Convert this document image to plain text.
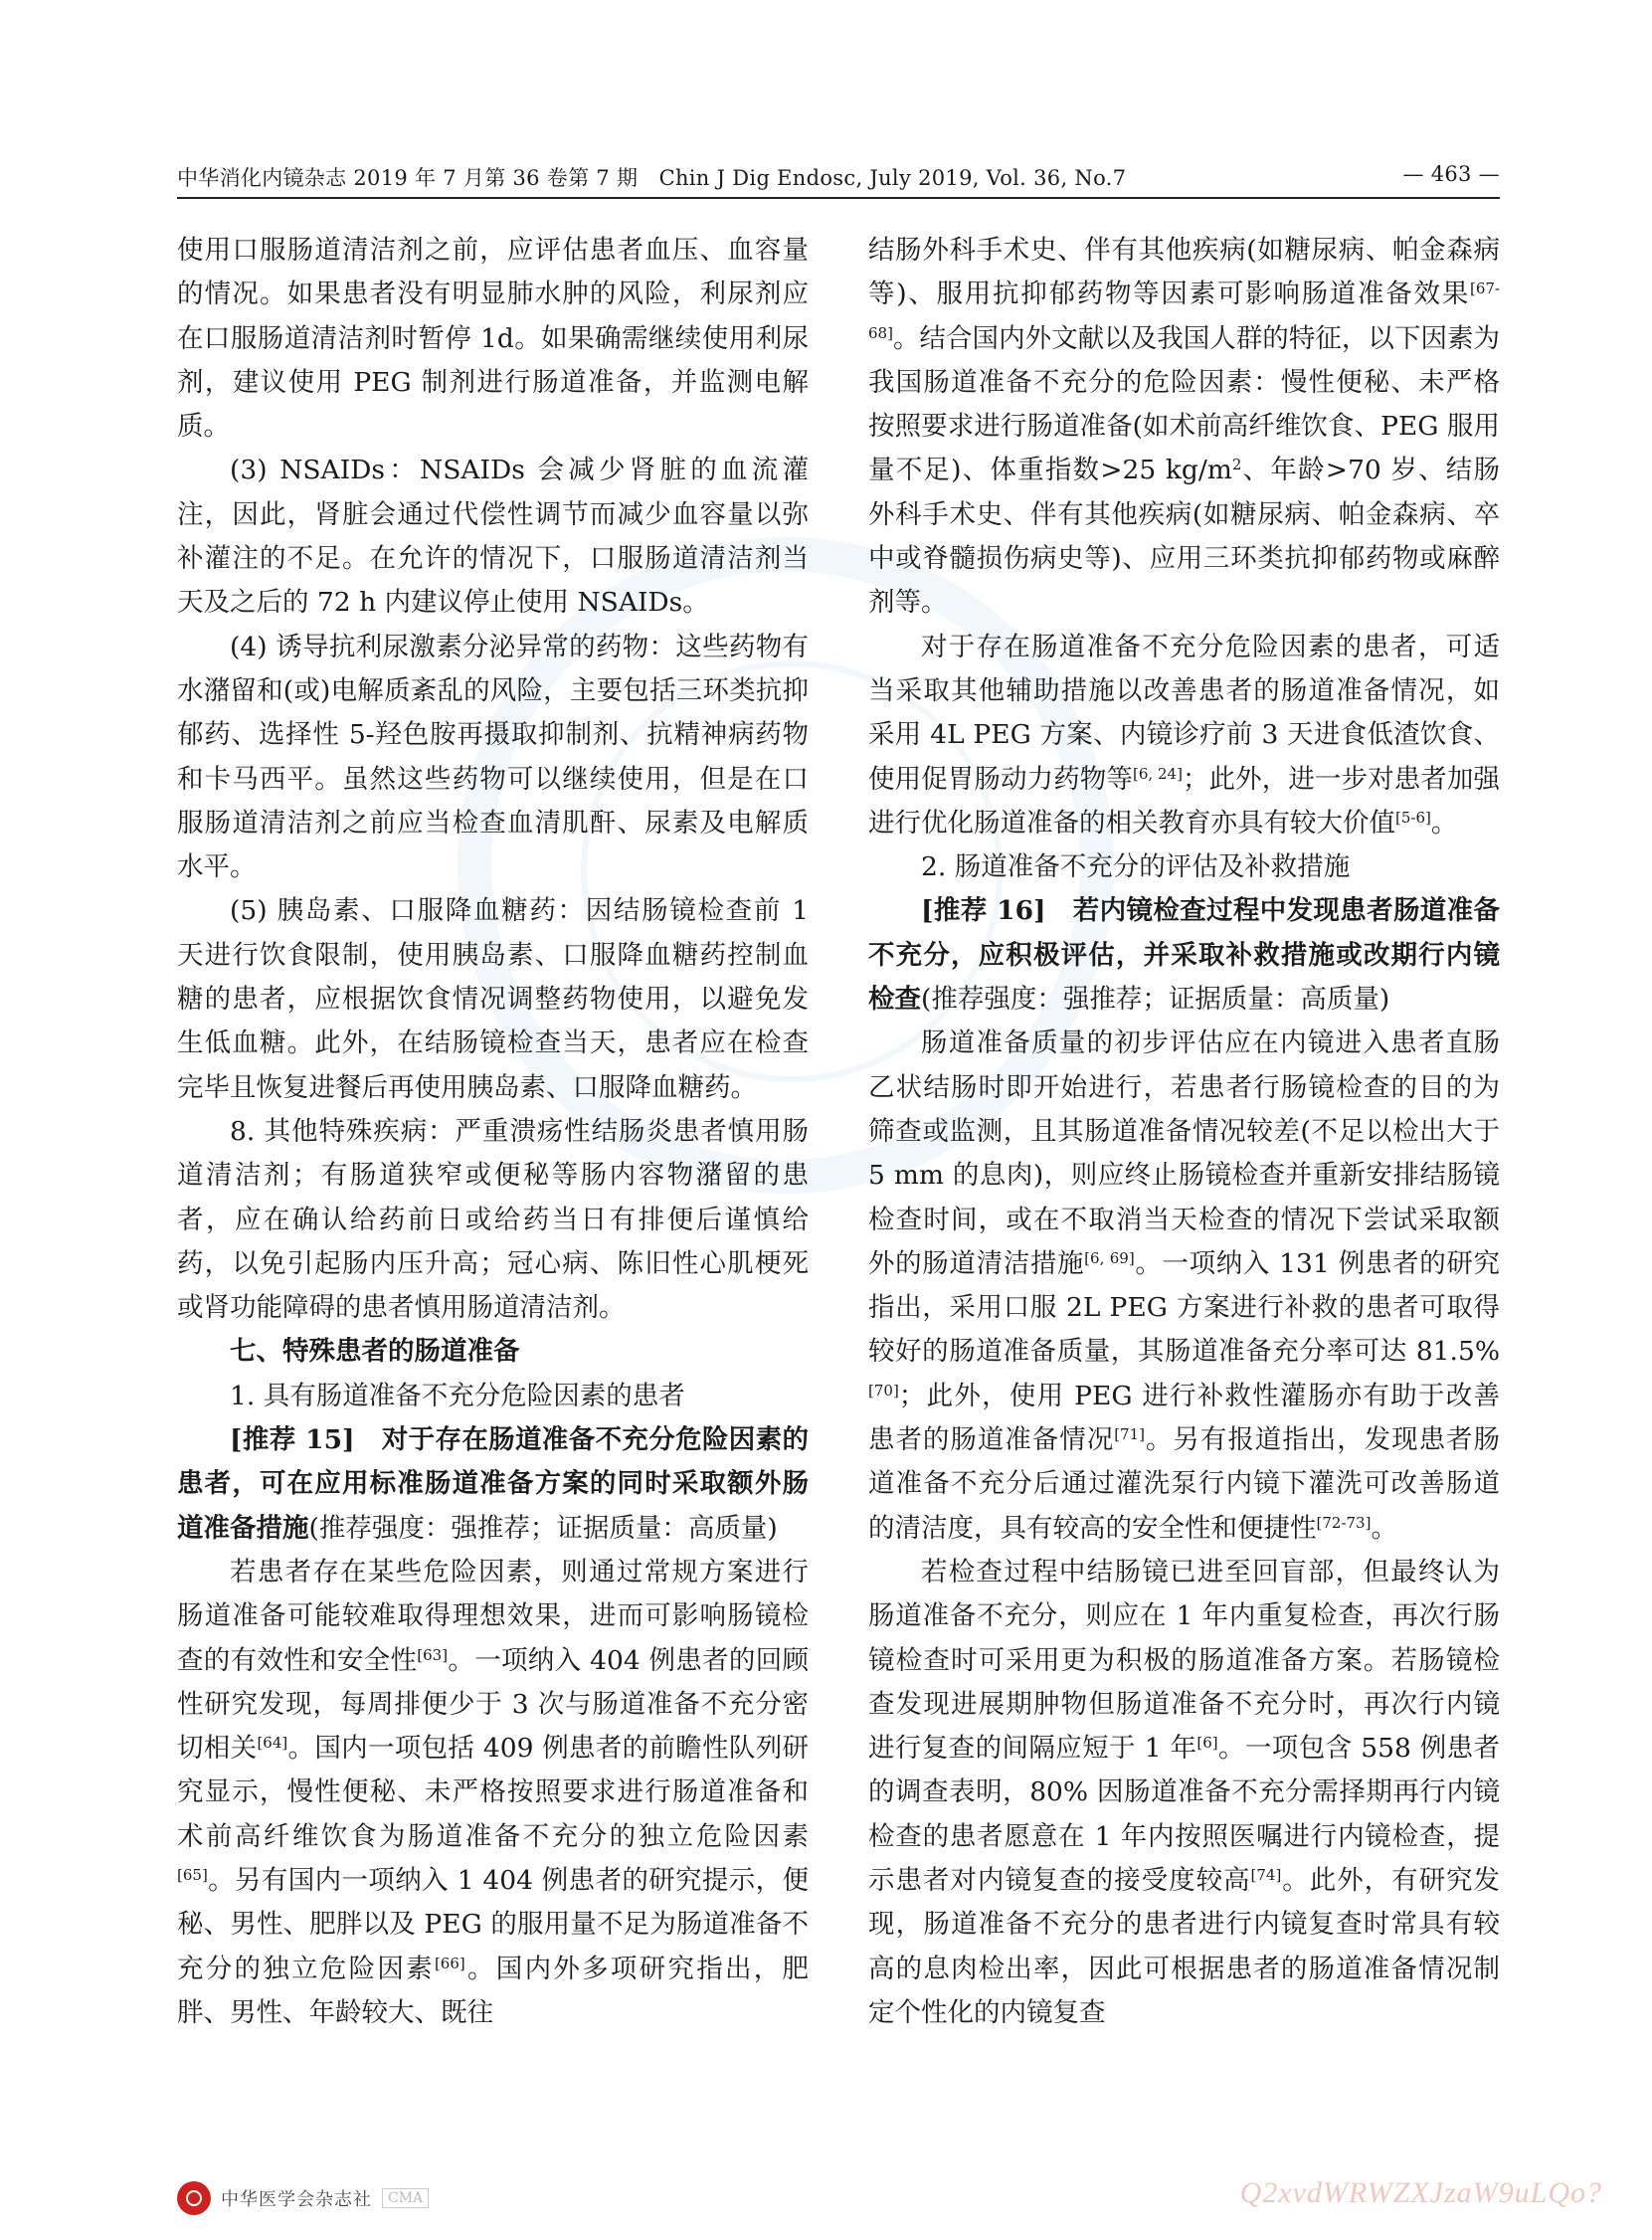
中华消化内镜杂志 2019 年 7 月第 36 卷第 7 期　Chin J Dig Endosc, July 2019, Vol. 36, No.7	— 463 —

使用口服肠道清洁剂之前，应评估患者血压、血容量的情况。如果患者没有明显肺水肿的风险，利尿剂应在口服肠道清洁剂时暂停 1d。如果确需继续使用利尿剂，建议使用 PEG 制剂进行肠道准备，并监测电解质。

(3) NSAIDs：NSAIDs 会减少肾脏的血流灌注，因此，肾脏会通过代偿性调节而减少血容量以弥补灌注的不足。在允许的情况下，口服肠道清洁剂当天及之后的 72 h 内建议停止使用 NSAIDs。

(4) 诱导抗利尿激素分泌异常的药物：这些药物有水潴留和(或)电解质紊乱的风险，主要包括三环类抗抑郁药、选择性 5-羟色胺再摄取抑制剂、抗精神病药物和卡马西平。虽然这些药物可以继续使用，但是在口服肠道清洁剂之前应当检查血清肌酐、尿素及电解质水平。

(5) 胰岛素、口服降血糖药：因结肠镜检查前 1 天进行饮食限制，使用胰岛素、口服降血糖药控制血糖的患者，应根据饮食情况调整药物使用，以避免发生低血糖。此外，在结肠镜检查当天，患者应在检查完毕且恢复进餐后再使用胰岛素、口服降血糖药。

8. 其他特殊疾病：严重溃疡性结肠炎患者慎用肠道清洁剂；有肠道狭窄或便秘等肠内容物潴留的患者，应在确认给药前日或给药当日有排便后谨慎给药，以免引起肠内压升高；冠心病、陈旧性心肌梗死或肾功能障碍的患者慎用肠道清洁剂。

七、特殊患者的肠道准备

1. 具有肠道准备不充分危险因素的患者

[推荐 15]　 对于存在肠道准备不充分危险因素的患者，可在应用标准肠道准备方案的同时采取额外肠道准备措施(推荐强度：强推荐；证据质量：高质量)

若患者存在某些危险因素，则通过常规方案进行肠道准备可能较难取得理想效果，进而可影响肠镜检查的有效性和安全性[63]。一项纳入 404 例患者的回顾性研究发现，每周排便少于 3 次与肠道准备不充分密切相关[64]。国内一项包括 409 例患者的前瞻性队列研究显示，慢性便秘、未严格按照要求进行肠道准备和术前高纤维饮食为肠道准备不充分的独立危险因素[65]。另有国内一项纳入 1 404 例患者的研究提示，便秘、男性、肥胖以及 PEG 的服用量不足为肠道准备不充分的独立危险因素[66]。国内外多项研究指出，肥胖、男性、年龄较大、既往

结肠外科手术史、伴有其他疾病(如糖尿病、帕金森病等)、服用抗抑郁药物等因素可影响肠道准备效果[67-68]。结合国内外文献以及我国人群的特征，以下因素为我国肠道准备不充分的危险因素：慢性便秘、未严格按照要求进行肠道准备(如术前高纤维饮食、PEG 服用量不足)、体重指数>25 $kg/m^2$、年龄>70 岁、结肠外科手术史、伴有其他疾病(如糖尿病、帕金森病、卒中或脊髓损伤病史等)、应用三环类抗抑郁药物或麻醉剂等。

对于存在肠道准备不充分危险因素的患者，可适当采取其他辅助措施以改善患者的肠道准备情况，如采用 4L PEG 方案、内镜诊疗前 3 天进食低渣饮食、使用促胃肠动力药物等[6, 24]；此外，进一步对患者加强进行优化肠道准备的相关教育亦具有较大价值[5-6]。

2. 肠道准备不充分的评估及补救措施

[推荐 16]　 若内镜检查过程中发现患者肠道准备不充分，应积极评估，并采取补救措施或改期行内镜检查(推荐强度：强推荐；证据质量：高质量)

肠道准备质量的初步评估应在内镜进入患者直肠乙状结肠时即开始进行，若患者行肠镜检查的目的为筛查或监测，且其肠道准备情况较差(不足以检出大于 5 mm 的息肉)，则应终止肠镜检查并重新安排结肠镜检查时间，或在不取消当天检查的情况下尝试采取额外的肠道清洁措施[6, 69]。一项纳入 131 例患者的研究指出，采用口服 2L PEG 方案进行补救的患者可取得较好的肠道准备质量，其肠道准备充分率可达 81.5%[70]；此外，使用 PEG 进行补救性灌肠亦有助于改善患者的肠道准备情况[71]。另有报道指出，发现患者肠道准备不充分后通过灌洗泵行内镜下灌洗可改善肠道的清洁度，具有较高的安全性和便捷性[72-73]。

若检查过程中结肠镜已进至回盲部，但最终认为肠道准备不充分，则应在 1 年内重复检查，再次行肠镜检查时可采用更为积极的肠道准备方案。若肠镜检查发现进展期肿物但肠道准备不充分时，再次行内镜进行复查的间隔应短于 1 年[6]。一项包含 558 例患者的调查表明，80% 因肠道准备不充分需择期再行内镜检查的患者愿意在 1 年内按照医嘱进行内镜检查，提示患者对内镜复查的接受度较高[74]。此外，有研究发现，肠道准备不充分的患者进行内镜复查时常具有较高的息肉检出率，因此可根据患者的肠道准备情况制定个性化的内镜复查

中华医学会杂志社	CMA	Q2xvdWRWZXJzaW9uLQo?
